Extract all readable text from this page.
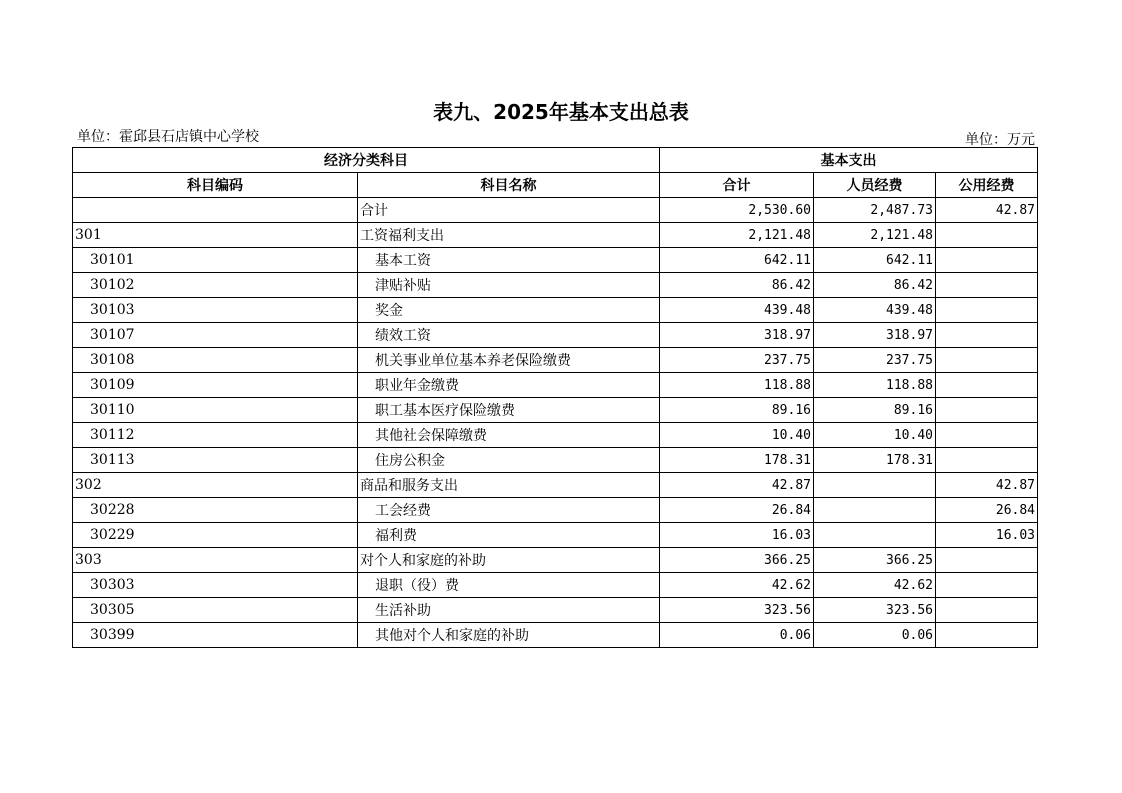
表九、2025年基本支出总表
单位：霍邱县石店镇中心学校	单位：万元
经济分类科目		基本支出		
科目编码	科目名称	合计	人员经费	公用经费
	合计	2,530.60	2,487.73	42.87
301	工资福利支出	2,121.48	2,121.48	
30101	基本工资	642.11	642.11	
30102	津贴补贴	86.42	86.42	
30103	奖金	439.48	439.48	
30107	绩效工资	318.97	318.97	
30108	机关事业单位基本养老保险缴费	237.75	237.75	
30109	职业年金缴费	118.88	118.88	
30110	职工基本医疗保险缴费	89.16	89.16	
30112	其他社会保障缴费	10.40	10.40	
30113	住房公积金	178.31	178.31	
302	商品和服务支出	42.87		42.87
30228	工会经费	26.84		26.84
30229	福利费	16.03		16.03
303	对个人和家庭的补助	366.25	366.25	
30303	退职（役）费	42.62	42.62	
30305	生活补助	323.56	323.56	
30399	其他对个人和家庭的补助	0.06	0.06	
